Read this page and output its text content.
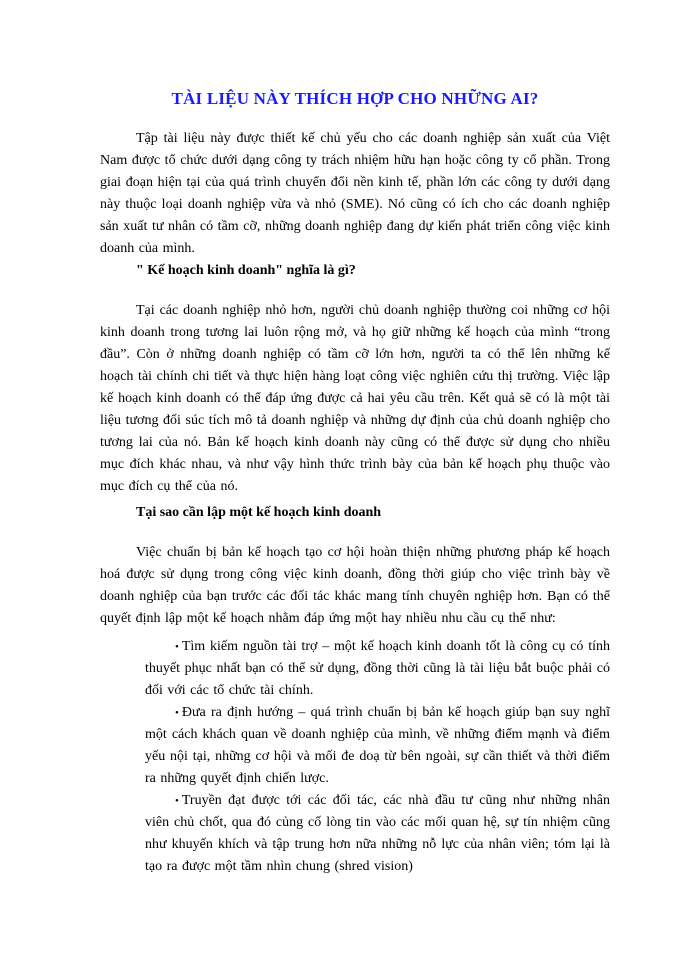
TÀI LIỆU NÀY THÍCH HỢP CHO NHỮNG AI?

Tập tài liệu này được thiết kế chủ yếu cho các doanh nghiệp sản xuất của Việt Nam được tổ chức dưới dạng công ty trách nhiệm hữu hạn hoặc công ty cổ phần. Trong giai đoạn hiện tại của quá trình chuyển đổi nền kinh tế, phần lớn các công ty dưới dạng này thuộc loại doanh nghiệp vừa và nhỏ (SME). Nó cũng có ích cho các doanh nghiệp sản xuất tư nhân có tầm cỡ, những doanh nghiệp đang dự kiến phát triển công việc kinh doanh của mình.

" Kế hoạch kinh doanh" nghĩa là gì?

Tại các doanh nghiệp nhỏ hơn, người chủ doanh nghiệp thường coi những cơ hội kinh doanh trong tương lai luôn rộng mở, và họ giữ những kế hoạch của mình “trong đầu”. Còn ở những doanh nghiệp có tầm cỡ lớn hơn, người ta có thể lên những kế hoạch tài chính chi tiết và thực hiện hàng loạt công việc nghiên cứu thị trường. Việc lập kế hoạch kinh doanh có thể đáp ứng được cả hai yêu cầu trên. Kết quả sẽ có là một tài liệu tương đối súc tích mô tả doanh nghiệp và những dự định của chủ doanh nghiệp cho tương lai của nó. Bản kế hoạch kinh doanh này cũng có thể được sử dụng cho nhiều mục đích khác nhau, và như vậy hình thức trình bày của bản kế hoạch phụ thuộc vào mục đích cụ thể của nó.

Tại sao cần lập một kế hoạch kinh doanh

Việc chuẩn bị bản kế hoạch tạo cơ hội hoàn thiện những phương pháp kế hoạch hoá được sử dụng trong công việc kinh doanh, đồng thời giúp cho việc trình bày về doanh nghiệp của bạn trước các đối tác khác mang tính chuyên nghiệp hơn. Bạn có thể quyết định lập một kế hoạch nhằm đáp ứng một hay nhiều nhu cầu cụ thể như:

• Tìm kiếm nguồn tài trợ – một kế hoạch kinh doanh tốt là công cụ có tính thuyết phục nhất bạn có thể sử dụng, đồng thời cũng là tài liệu bắt buộc phải có đối với các tổ chức tài chính.

• Đưa ra định hướng – quá trình chuẩn bị bản kế hoạch giúp bạn suy nghĩ một cách khách quan về doanh nghiệp của mình, về những điểm mạnh và điểm yếu nội tại, những cơ hội và mối đe doạ từ bên ngoài, sự cần thiết và thời điểm ra những quyết định chiến lược.

• Truyền đạt được tới các đối tác, các nhà đầu tư cũng như những nhân viên chủ chốt, qua đó củng cố lòng tin vào các mối quan hệ, sự tín nhiệm cũng như khuyến khích và tập trung hơn nữa những nỗ lực của nhân viên; tóm lại là tạo ra được một tầm nhìn chung (shred vision)
